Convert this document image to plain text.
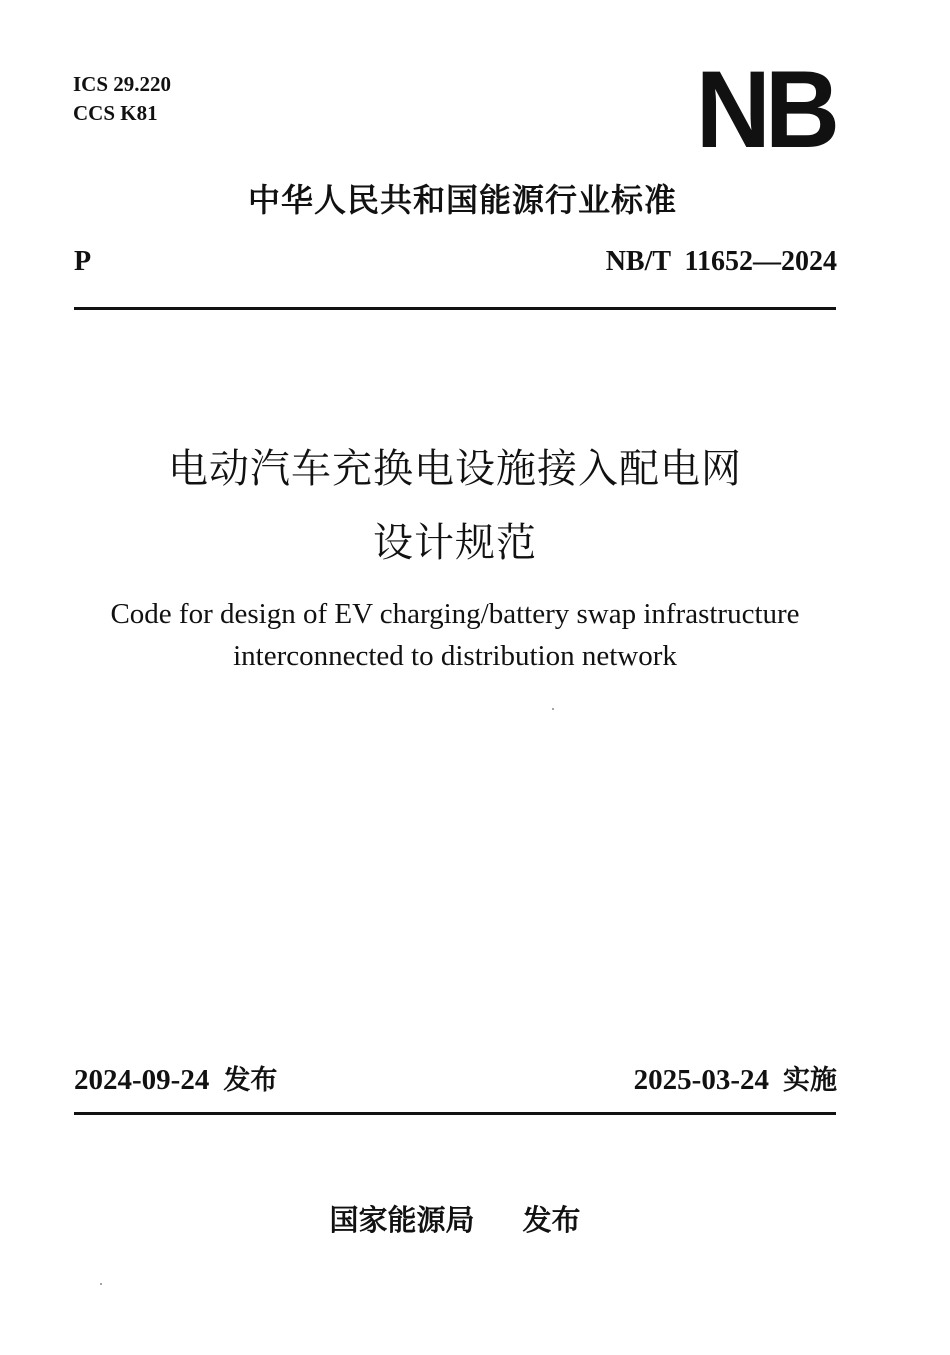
ICS 29.220
CCS K81	NB
中华人民共和国能源行业标准
P	NB/T  11652—2024
电动汽车充换电设施接入配电网
设计规范
Code for design of EV charging/battery swap infrastructure
interconnected to distribution network
2024-09-24 发布	2025-03-24 实施
国家能源局 发布
